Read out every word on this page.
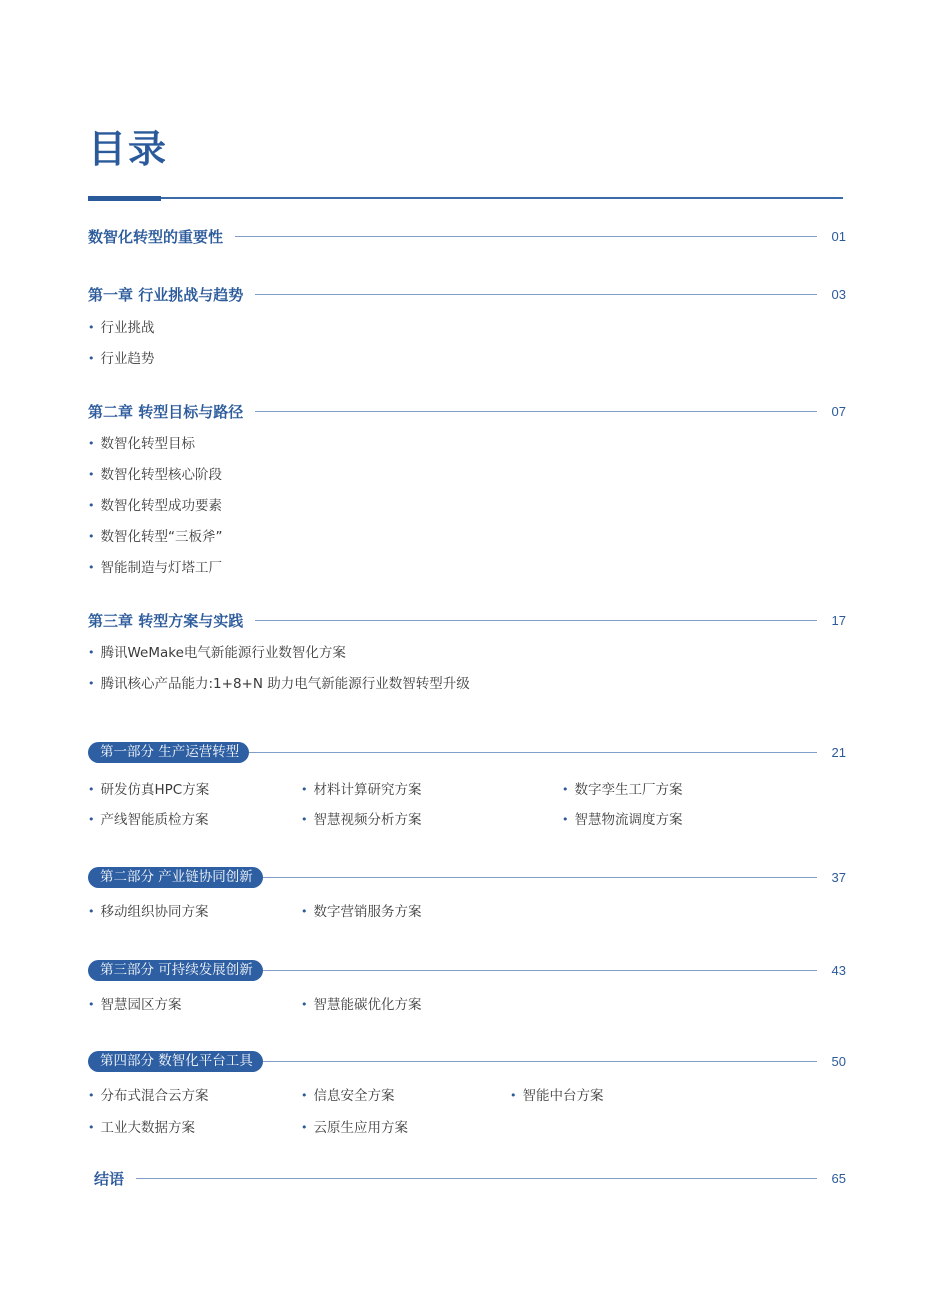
目录
数智化转型的重要性	01
第一章 行业挑战与趋势	03
• 行业挑战
• 行业趋势
第二章 转型目标与路径	07
• 数智化转型目标
• 数智化转型核心阶段
• 数智化转型成功要素
• 数智化转型“三板斧”
• 智能制造与灯塔工厂
第三章 转型方案与实践	17
• 腾讯WeMake电气新能源行业数智化方案
• 腾讯核心产品能力:1+8+N 助力电气新能源行业数智转型升级
第一部分 生产运营转型	21
• 研发仿真HPC方案	• 材料计算研究方案	• 数字孪生工厂方案
• 产线智能质检方案	• 智慧视频分析方案	• 智慧物流调度方案
第二部分 产业链协同创新	37
• 移动组织协同方案	• 数字营销服务方案
第三部分 可持续发展创新	43
• 智慧园区方案	• 智慧能碳优化方案
第四部分 数智化平台工具	50
• 分布式混合云方案	• 信息安全方案	• 智能中台方案
• 工业大数据方案	• 云原生应用方案
结语	65
